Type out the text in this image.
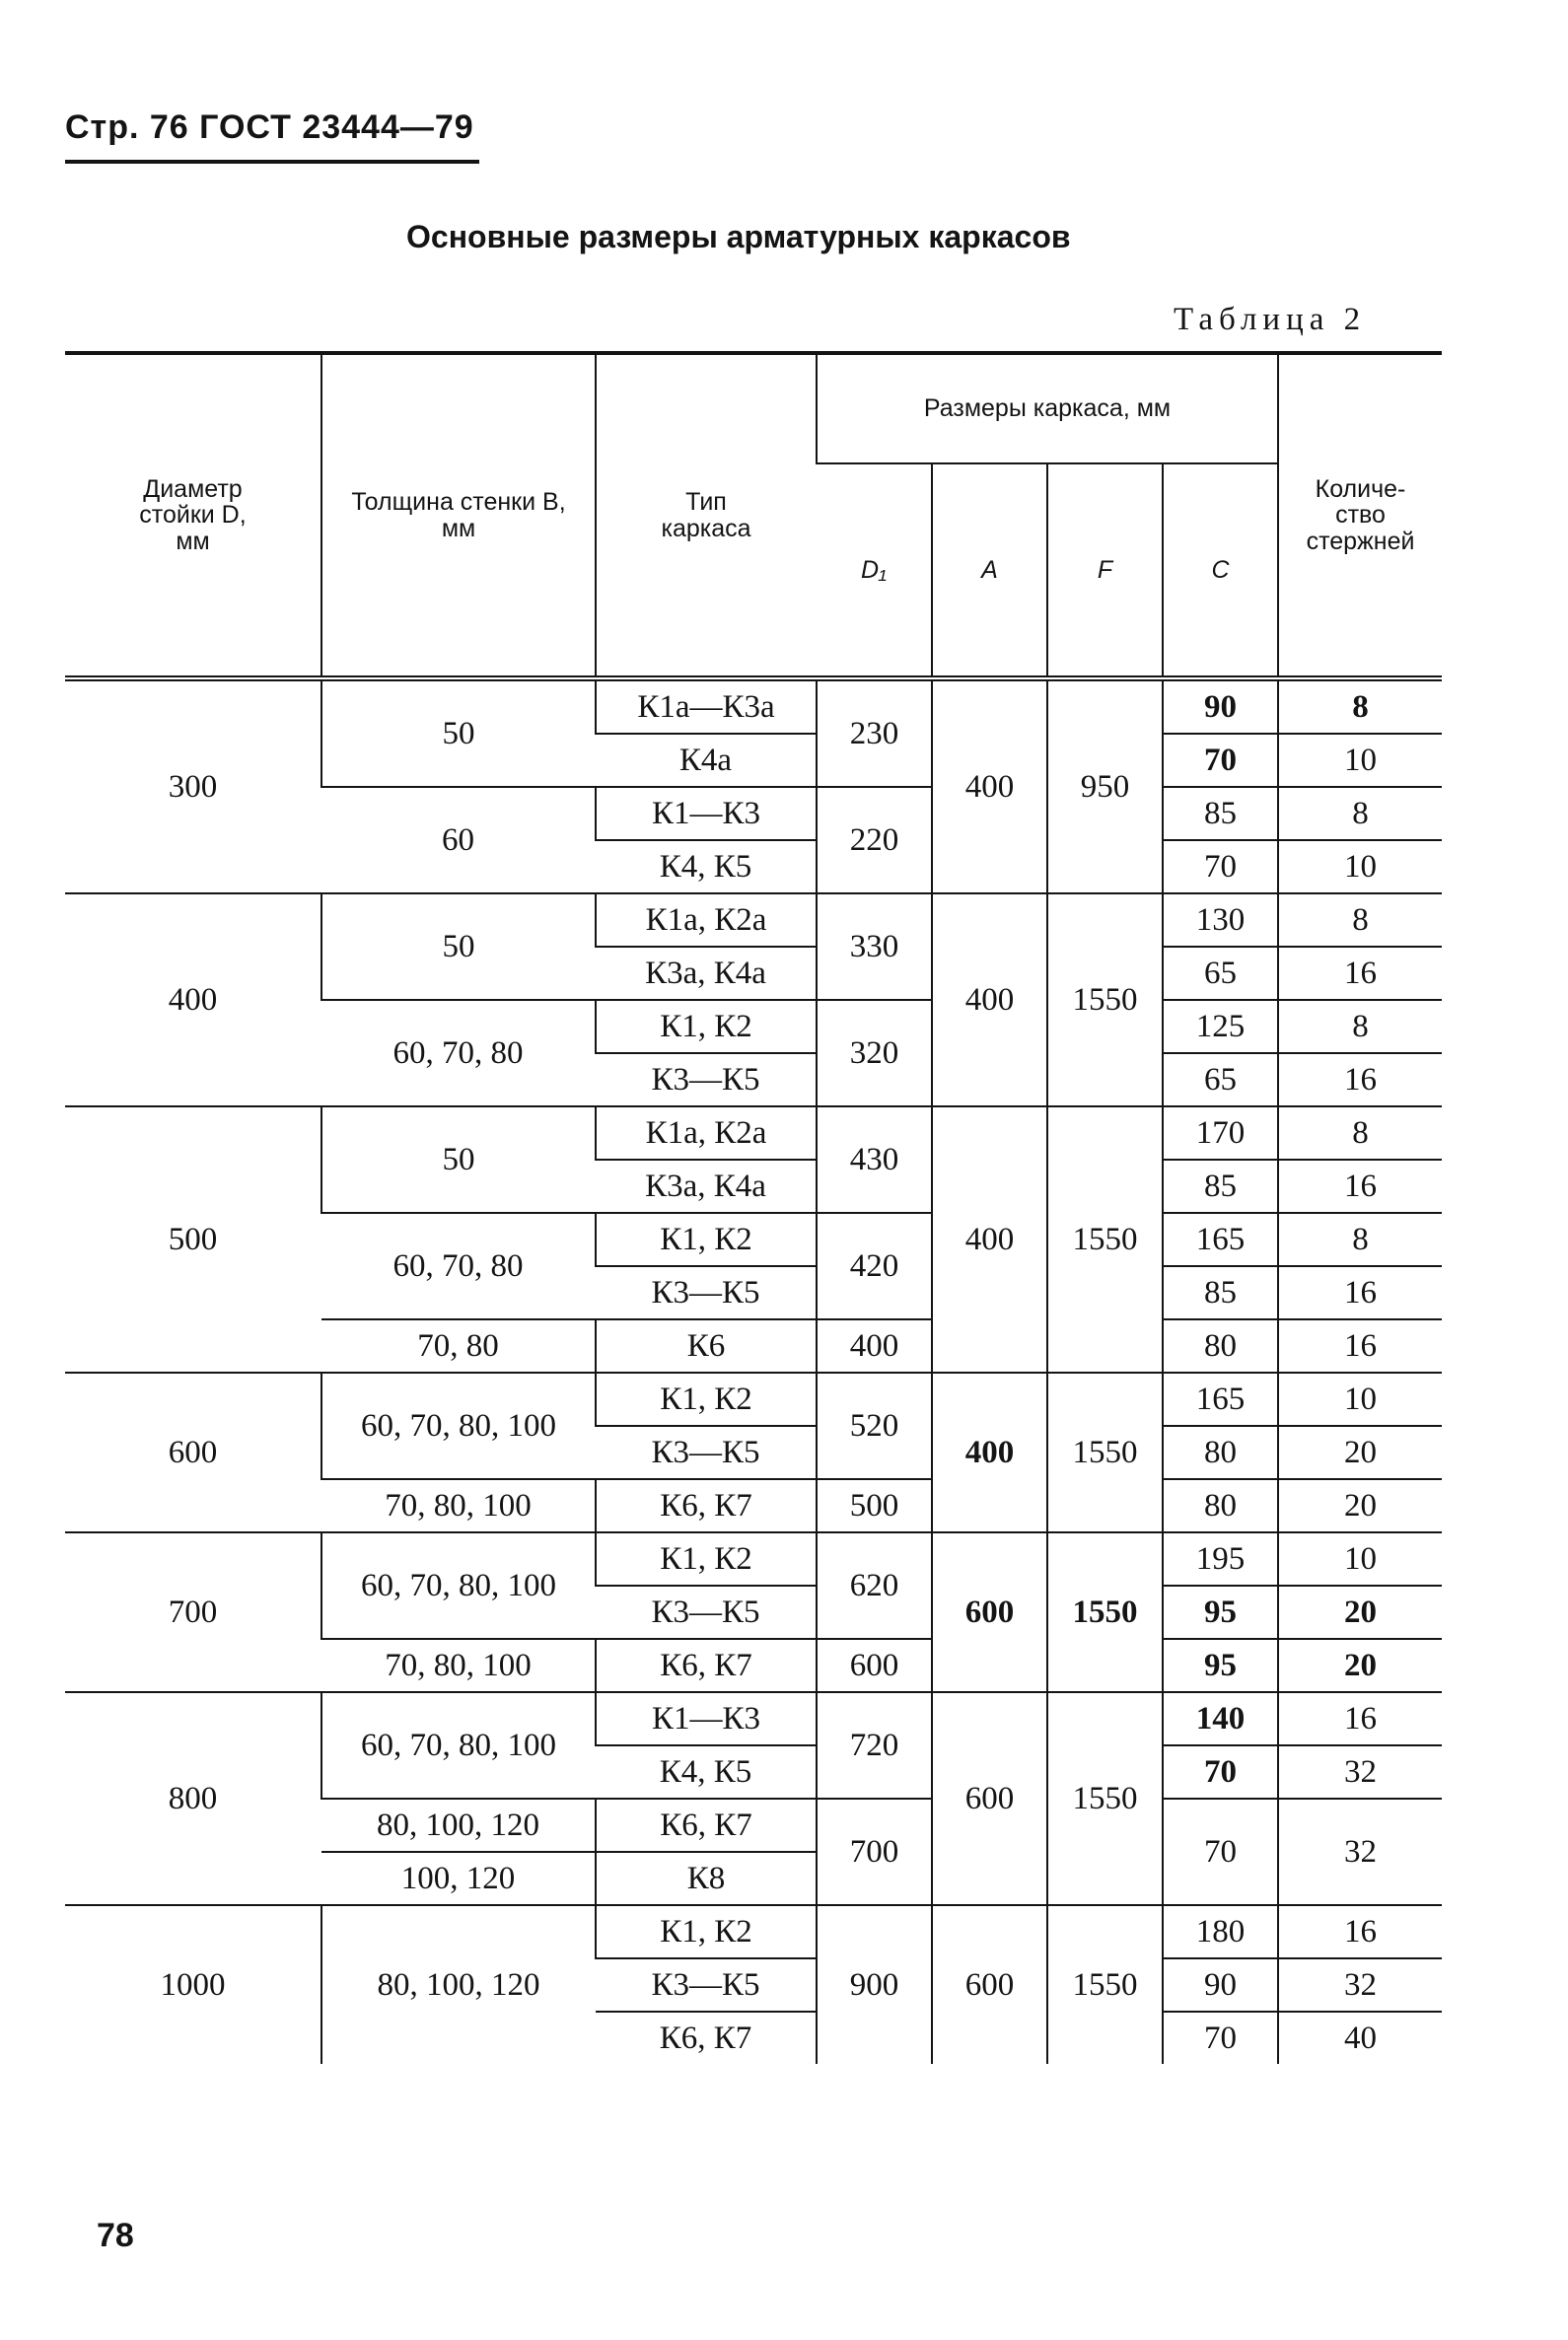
Стр. 76 ГОСТ 23444—79
Основные размеры арматурных каркасов
Таблица 2
Диаметр стойки D, мм	Толщина стенки B, мм	Тип каркаса	Размеры каркаса, мм				Количе-ство стержней

			D₁	A	F	C	
300	50	К1а—К3а	230	400	950	90	8
		К4а				70	10
	60	К1—К3	220			85	8
		К4, К5				70	10
400	50	К1а, К2а	330	400	1550	130	8
		К3а, К4а				65	16
	60, 70, 80	К1, К2	320			125	8
		К3—К5				65	16
500	50	К1а, К2а	430	400	1550	170	8
		К3а, К4а				85	16
	60, 70, 80	К1, К2	420			165	8
		К3—К5				85	16
	70, 80	К6	400			80	16
600	60, 70, 80, 100	К1, К2	520	400	1550	165	10
		К3—К5				80	20
	70, 80, 100	К6, К7	500			80	20
700	60, 70, 80, 100	К1, К2	620	600	1550	195	10
		К3—К5				95	20
	70, 80, 100	К6, К7	600			95	20
800	60, 70, 80, 100	К1—К3	720	600	1550	140	16
		К4, К5				70	32
	80, 100, 120	К6, К7	700			70	32
	100, 120	К8					
1000	80, 100, 120	К1, К2	900	600	1550	180	16
		К3—К5				90	32
		К6, К7				70	40
78
